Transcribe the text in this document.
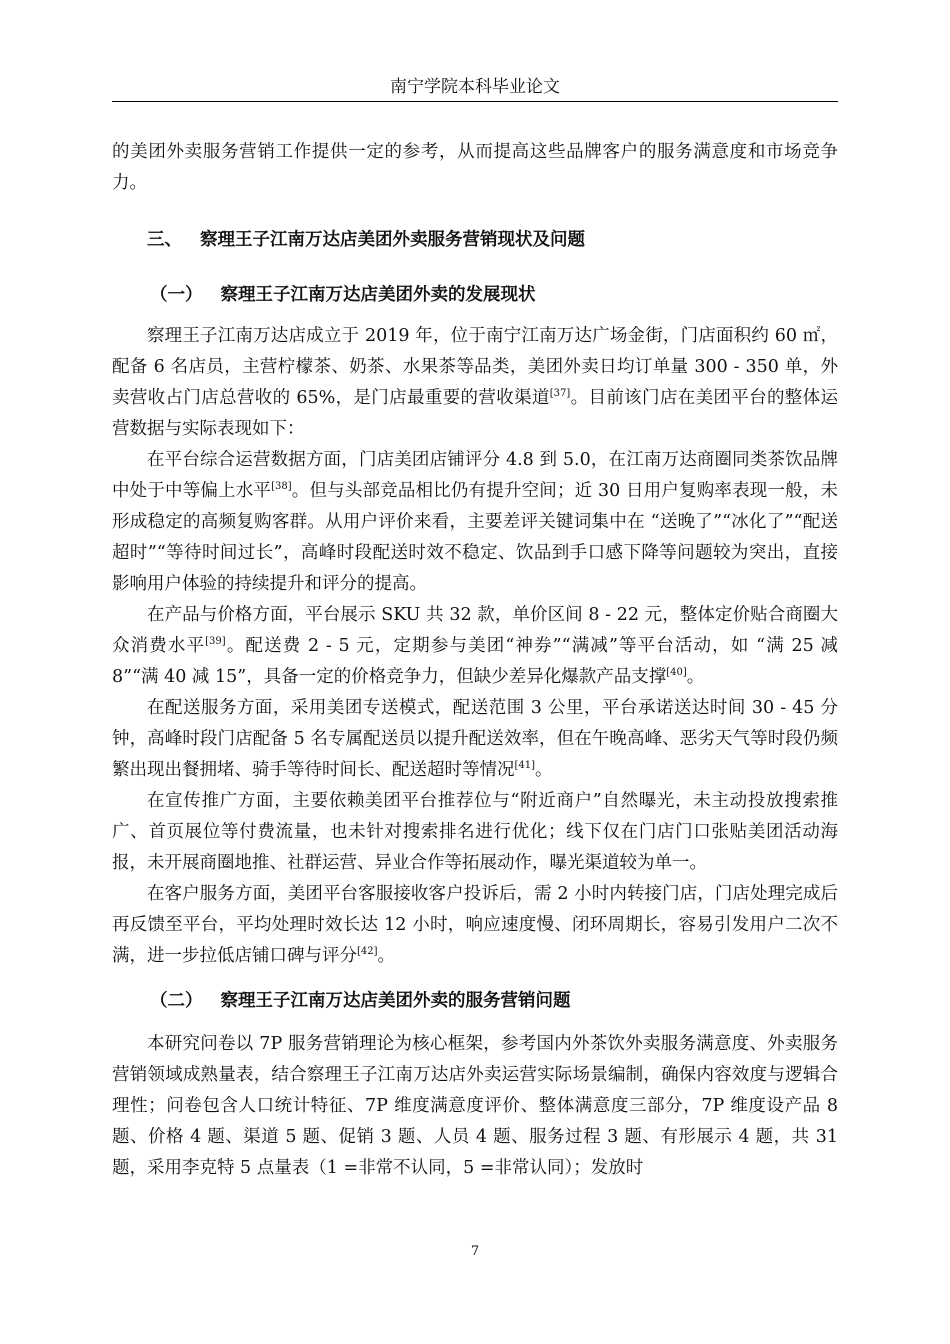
南宁学院本科毕业论文

的美团外卖服务营销工作提供一定的参考，从而提高这些品牌客户的服务满意度和市场竞争力。

三、 察理王子江南万达店美团外卖服务营销现状及问题
（一） 察理王子江南万达店美团外卖的发展现状

察理王子江南万达店成立于 2019 年，位于南宁江南万达广场金街，门店面积约 60 ㎡，配备 6 名店员，主营柠檬茶、奶茶、水果茶等品类，美团外卖日均订单量 300 - 350 单，外卖营收占门店总营收的 65%，是门店最重要的营收渠道[37]。目前该门店在美团平台的整体运营数据与实际表现如下：

在平台综合运营数据方面，门店美团店铺评分 4.8 到 5.0，在江南万达商圈同类茶饮品牌中处于中等偏上水平[38]。但与头部竞品相比仍有提升空间；近 30 日用户复购率表现一般，未形成稳定的高频复购客群。从用户评价来看，主要差评关键词集中在 “送晚了”“冰化了”“配送超时”“等待时间过长”，高峰时段配送时效不稳定、饮品到手口感下降等问题较为突出，直接影响用户体验的持续提升和评分的提高。

在产品与价格方面，平台展示 SKU 共 32 款，单价区间 8 - 22 元，整体定价贴合商圈大众消费水平[39]。配送费 2 - 5 元，定期参与美团“神券”“满减”等平台活动，如 “满 25 减 8”“满 40 减 15”，具备一定的价格竞争力，但缺少差异化爆款产品支撑[40]。

在配送服务方面，采用美团专送模式，配送范围 3 公里，平台承诺送达时间 30 - 45 分钟，高峰时段门店配备 5 名专属配送员以提升配送效率，但在午晚高峰、恶劣天气等时段仍频繁出现出餐拥堵、骑手等待时间长、配送超时等情况[41]。

在宣传推广方面，主要依赖美团平台推荐位与“附近商户”自然曝光，未主动投放搜索推广、首页展位等付费流量，也未针对搜索排名进行优化；线下仅在门店门口张贴美团活动海报，未开展商圈地推、社群运营、异业合作等拓展动作，曝光渠道较为单一。

在客户服务方面，美团平台客服接收客户投诉后，需 2 小时内转接门店，门店处理完成后再反馈至平台，平均处理时效长达 12 小时，响应速度慢、闭环周期长，容易引发用户二次不满，进一步拉低店铺口碑与评分[42]。

（二） 察理王子江南万达店美团外卖的服务营销问题

本研究问卷以 7P 服务营销理论为核心框架，参考国内外茶饮外卖服务满意度、外卖服务营销领域成熟量表，结合察理王子江南万达店外卖运营实际场景编制，确保内容效度与逻辑合理性；问卷包含人口统计特征、7P 维度满意度评价、整体满意度三部分，7P 维度设产品 8 题、价格 4 题、渠道 5 题、促销 3 题、人员 4 题、服务过程 3 题、有形展示 4 题，共 31 题，采用李克特 5 点量表（1 =非常不认同，5 =非常认同）；发放时

7
